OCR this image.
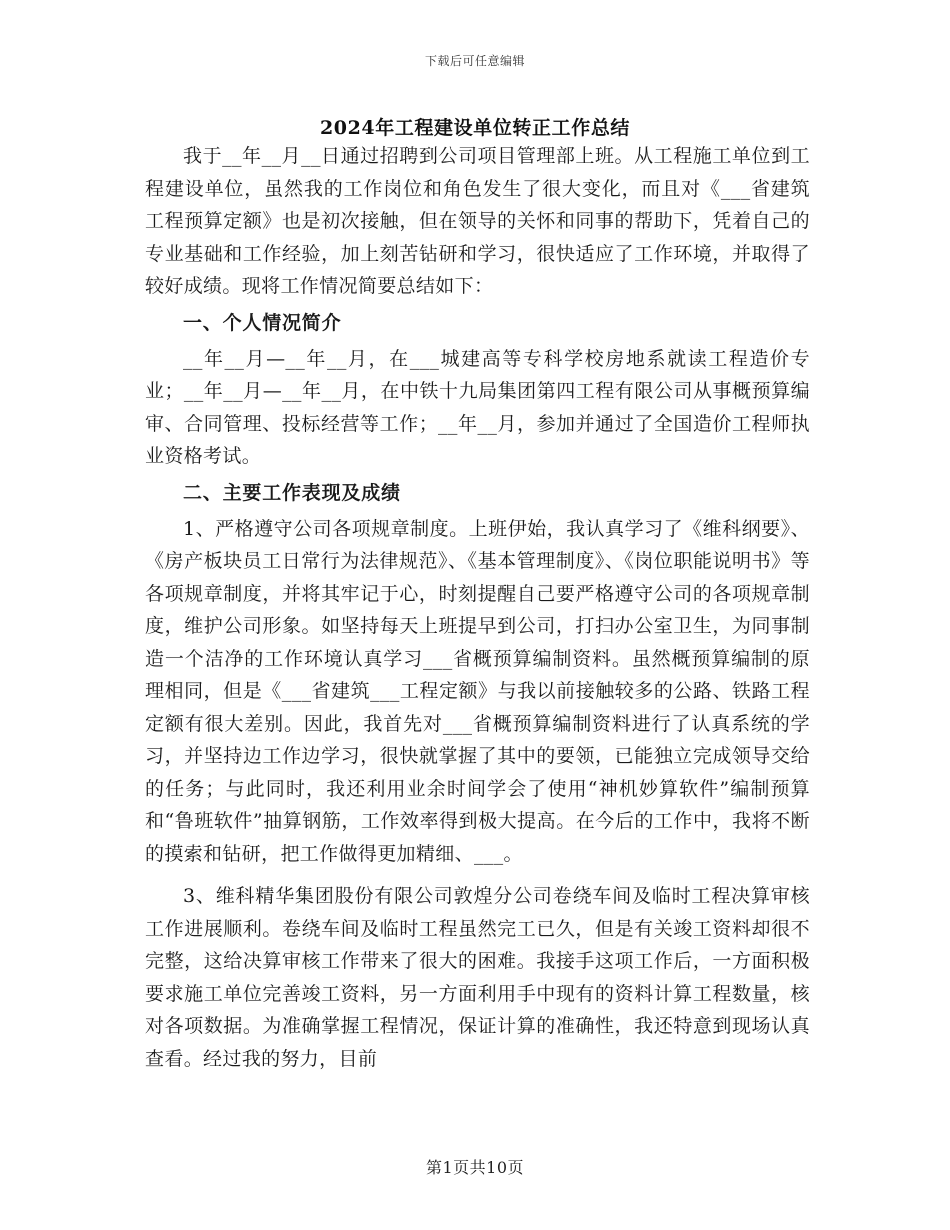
下载后可任意编辑
2024年工程建设单位转正工作总结

我于__年__月__日通过招聘到公司项目管理部上班。从工程施工单位到工程建设单位，虽然我的工作岗位和角色发生了很大变化，而且对《___省建筑工程预算定额》也是初次接触，但在领导的关怀和同事的帮助下，凭着自己的专业基础和工作经验，加上刻苦钻研和学习，很快适应了工作环境，并取得了较好成绩。现将工作情况简要总结如下：

一、个人情况简介

__年__月—__年__月，在___城建高等专科学校房地系就读工程造价专业；__年__月—__年__月，在中铁十九局集团第四工程有限公司从事概预算编审、合同管理、投标经营等工作；__年__月，参加并通过了全国造价工程师执业资格考试。

二、主要工作表现及成绩

1、严格遵守公司各项规章制度。上班伊始，我认真学习了《维科纲要》、《房产板块员工日常行为法律规范》、《基本管理制度》、《岗位职能说明书》等各项规章制度，并将其牢记于心，时刻提醒自己要严格遵守公司的各项规章制度，维护公司形象。如坚持每天上班提早到公司，打扫办公室卫生，为同事制造一个洁净的工作环境认真学习___省概预算编制资料。虽然概预算编制的原理相同，但是《___省建筑___工程定额》与我以前接触较多的公路、铁路工程定额有很大差别。因此，我首先对___省概预算编制资料进行了认真系统的学习，并坚持边工作边学习，很快就掌握了其中的要领，已能独立完成领导交给的任务；与此同时，我还利用业余时间学会了使用“神机妙算软件”编制预算和“鲁班软件”抽算钢筋，工作效率得到极大提高。在今后的工作中，我将不断的摸索和钻研，把工作做得更加精细、___。

3、维科精华集团股份有限公司敦煌分公司卷绕车间及临时工程决算审核工作进展顺利。卷绕车间及临时工程虽然完工已久，但是有关竣工资料却很不完整，这给决算审核工作带来了很大的困难。我接手这项工作后，一方面积极要求施工单位完善竣工资料，另一方面利用手中现有的资料计算工程数量，核对各项数据。为准确掌握工程情况，保证计算的准确性，我还特意到现场认真查看。经过我的努力，目前

第1页共10页
